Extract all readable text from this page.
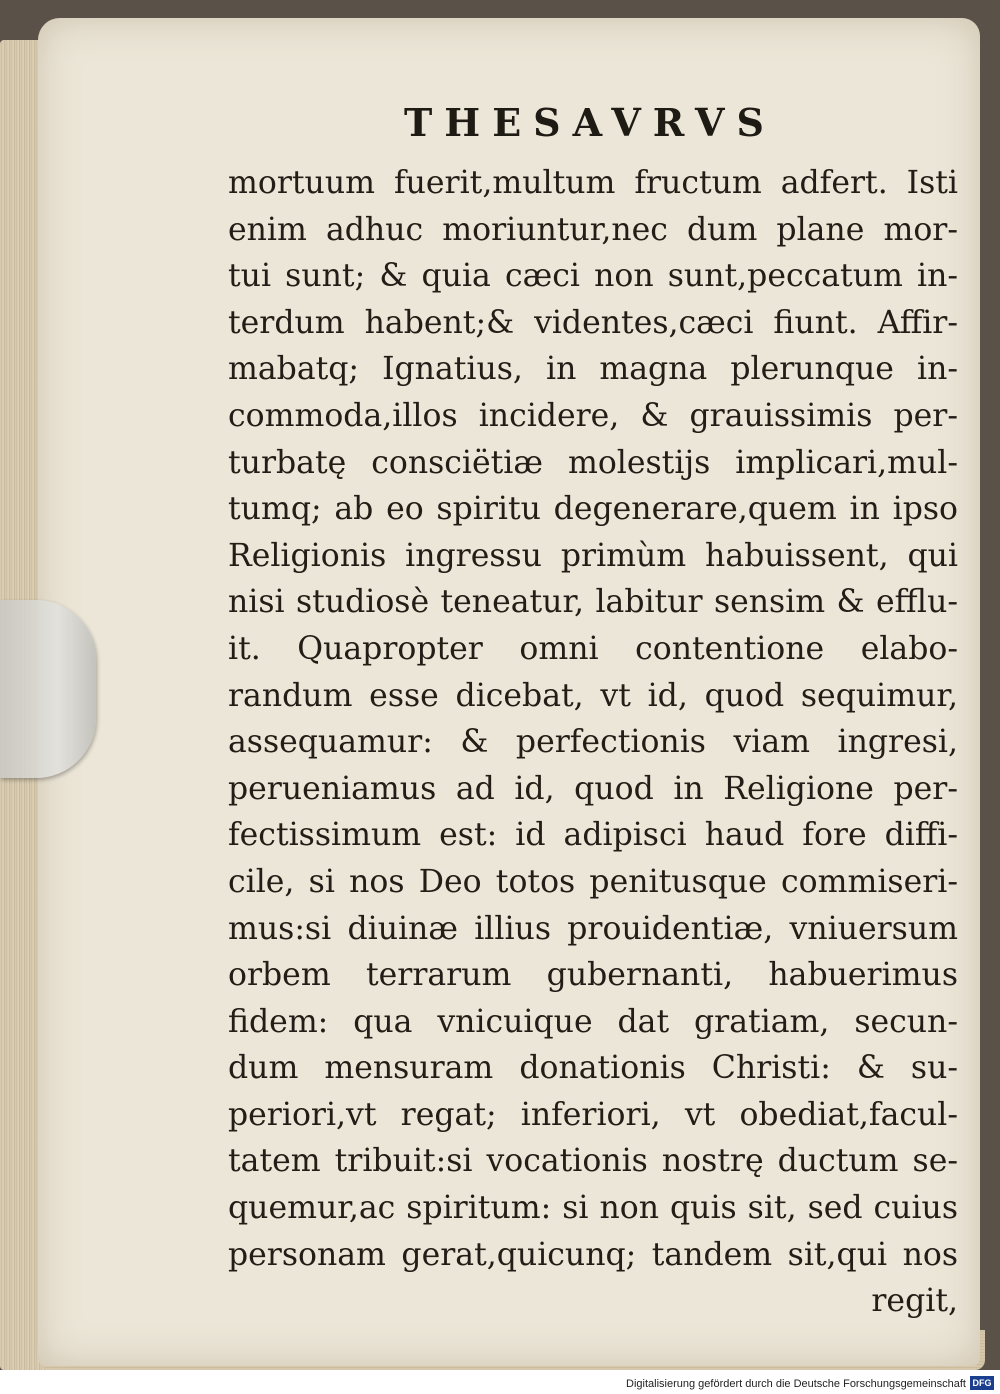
THESAVRVS
mortuum fuerit,multum fructum adfert. Isti
enim adhuc moriuntur,nec dum plane mor-
tui sunt; & quia cæci non sunt,peccatum in-
terdum habent;& videntes,cæci fiunt. Affir-
mabatq; Ignatius, in magna plerunque in-
commoda,illos incidere, & grauissimis per-
turbatę consciëtiæ molestijs implicari,mul-
tumq; ab eo spiritu degenerare,quem in ipso
Religionis ingressu primùm habuissent, qui
nisi studiosè teneatur, labitur sensim & efflu-
it. Quapropter omni contentione elabo-
randum esse dicebat, vt id, quod sequimur,
assequamur: & perfectionis viam ingresi,
perueniamus ad id, quod in Religione per-
fectissimum est: id adipisci haud fore diffi-
cile, si nos Deo totos penitusque commiseri-
mus:si diuinæ illius prouidentiæ, vniuersum
orbem terrarum gubernanti, habuerimus
fidem: qua vnicuique dat gratiam, secun-
dum mensuram donationis Christi: & su-
periori,vt regat; inferiori, vt obediat,facul-
tatem tribuit:si vocationis nostrę ductum se-
quemur,ac spiritum: si non quis sit, sed cuius
personam gerat,quicunq; tandem sit,qui nos
regit,
Digitalisierung gefördert durch die Deutsche Forschungsgemeinschaft DFG
